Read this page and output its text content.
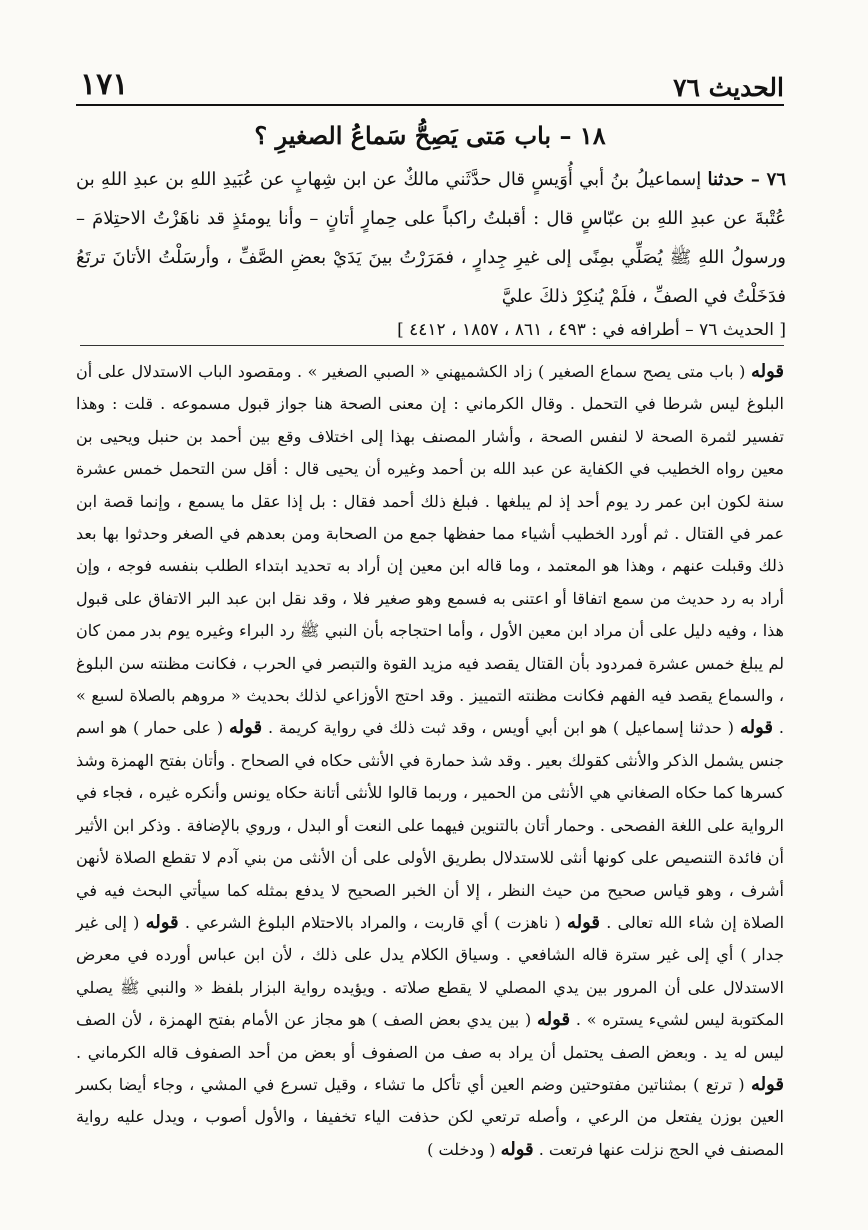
الحديث ٧٦
١٧١
١٨ – باب مَتى يَصِحُّ سَماعُ الصغيرِ ؟
٧٦ – حدثنا إسماعيلُ بنُ أبي أُوَيسٍ قال حدَّثَني مالكٌ عن ابن شِهابٍ عن عُبَيدِ اللهِ بن عبدِ اللهِ بن عُتْبةَ عن عبدِ اللهِ بن عبّاسٍ قال : أقبلتُ راكباً على حِمارٍ أتانٍ – وأنا يومئذٍ قد ناهَزْتُ الاحتِلامَ – ورسولُ اللهِ ﷺ يُصَلِّي بمِنًى إلى غيرِ جِدارٍ ، فمَرَرْتُ بينَ يَدَيْ بعضِ الصَّفِّ ، وأرسَلْتُ الأتانَ ترتَعُ فدَخَلْتُ في الصفِّ ، فلَمْ يُنكِرْ ذلكَ عليَّ
[ الحديث ٧٦ – أطرافه في : ٤٩٣ ، ٨٦١ ، ١٨٥٧ ، ٤٤١٢ ]
قوله ( باب متى يصح سماع الصغير ) زاد الكشميهني « الصبي الصغير » . ومقصود الباب الاستدلال على أن البلوغ ليس شرطا في التحمل . وقال الكرماني : إن معنى الصحة هنا جواز قبول مسموعه . قلت : وهذا تفسير لثمرة الصحة لا لنفس الصحة ، وأشار المصنف بهذا إلى اختلاف وقع بين أحمد بن حنبل ويحيى بن معين رواه الخطيب في الكفاية عن عبد الله بن أحمد وغيره أن يحيى قال : أقل سن التحمل خمس عشرة سنة لكون ابن عمر رد يوم أحد إذ لم يبلغها . فبلغ ذلك أحمد فقال : بل إذا عقل ما يسمع ، وإنما قصة ابن عمر في القتال . ثم أورد الخطيب أشياء مما حفظها جمع من الصحابة ومن بعدهم في الصغر وحدثوا بها بعد ذلك وقبلت عنهم ، وهذا هو المعتمد ، وما قاله ابن معين إن أراد به تحديد ابتداء الطلب بنفسه فوجه ، وإن أراد به رد حديث من سمع اتفاقا أو اعتنى به فسمع وهو صغير فلا ، وقد نقل ابن عبد البر الاتفاق على قبول هذا ، وفيه دليل على أن مراد ابن معين الأول ، وأما احتجاجه بأن النبي ﷺ رد البراء وغيره يوم بدر ممن كان لم يبلغ خمس عشرة فمردود بأن القتال يقصد فيه مزيد القوة والتبصر في الحرب ، فكانت مظنته سن البلوغ ، والسماع يقصد فيه الفهم فكانت مظنته التمييز . وقد احتج الأوزاعي لذلك بحديث « مروهم بالصلاة لسبع » . قوله ( حدثنا إسماعيل ) هو ابن أبي أويس ، وقد ثبت ذلك في رواية كريمة . قوله ( على حمار ) هو اسم جنس يشمل الذكر والأنثى كقولك بعير . وقد شذ حمارة في الأنثى حكاه في الصحاح . وأتان بفتح الهمزة وشذ كسرها كما حكاه الصغاني هي الأنثى من الحمير ، وربما قالوا للأنثى أتانة حكاه يونس وأنكره غيره ، فجاء في الرواية على اللغة الفصحى . وحمار أتان بالتنوين فيهما على النعت أو البدل ، وروي بالإضافة . وذكر ابن الأثير أن فائدة التنصيص على كونها أنثى للاستدلال بطريق الأولى على أن الأنثى من بني آدم لا تقطع الصلاة لأنهن أشرف ، وهو قياس صحيح من حيث النظر ، إلا أن الخبر الصحيح لا يدفع بمثله كما سيأتي البحث فيه في الصلاة إن شاء الله تعالى . قوله ( ناهزت ) أي قاربت ، والمراد بالاحتلام البلوغ الشرعي . قوله ( إلى غير جدار ) أي إلى غير سترة قاله الشافعي . وسياق الكلام يدل على ذلك ، لأن ابن عباس أورده في معرض الاستدلال على أن المرور بين يدي المصلي لا يقطع صلاته . ويؤيده رواية البزار بلفظ « والنبي ﷺ يصلي المكتوبة ليس لشيء يستره » . قوله ( بين يدي بعض الصف ) هو مجاز عن الأمام بفتح الهمزة ، لأن الصف ليس له يد . وبعض الصف يحتمل أن يراد به صف من الصفوف أو بعض من أحد الصفوف قاله الكرماني . قوله ( ترتع ) بمثناتين مفتوحتين وضم العين أي تأكل ما تشاء ، وقيل تسرع في المشي ، وجاء أيضا بكسر العين بوزن يفتعل من الرعي ، وأصله ترتعي لكن حذفت الياء تخفيفا ، والأول أصوب ، ويدل عليه رواية المصنف في الحج نزلت عنها فرتعت . قوله ( ودخلت )
